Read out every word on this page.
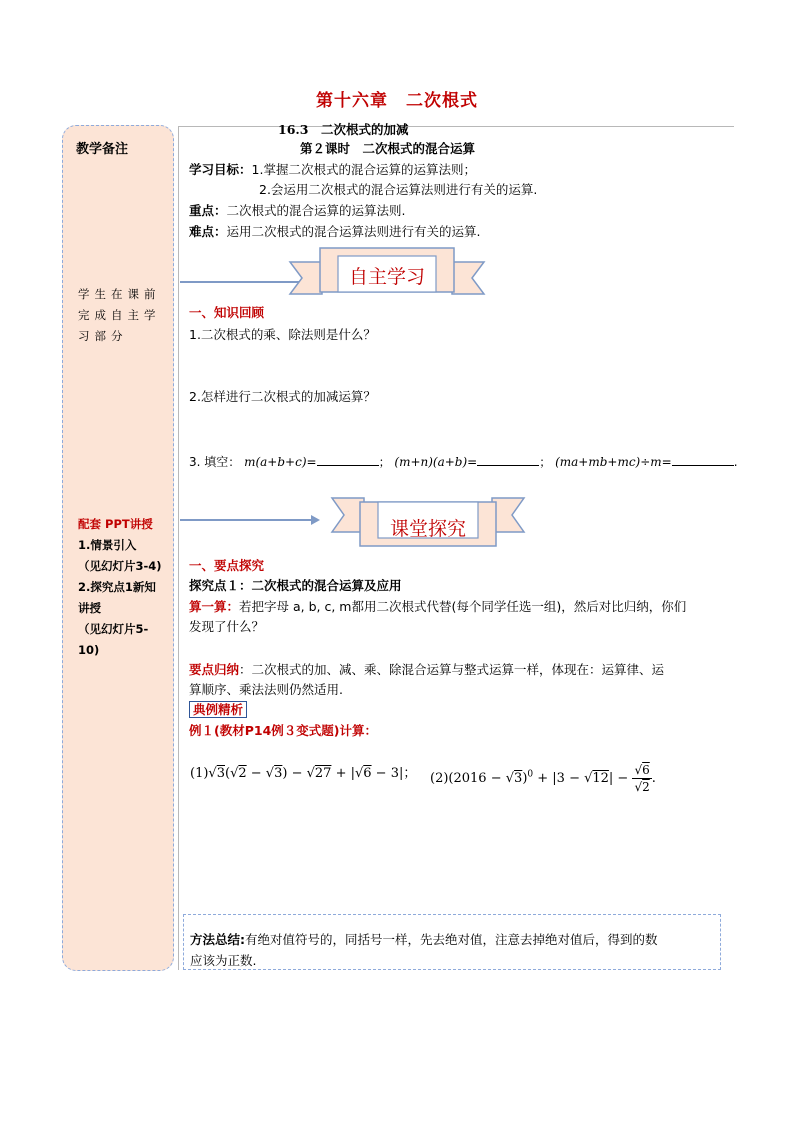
第十六章　二次根式
教学备注
学生在课前完成自主学习部分
配套 PPT讲授
1.情景引入
（见幻灯片3-4)
2.探究点1新知讲授
（见幻灯片5-10)
16.3　二次根式的加减
第２课时　二次根式的混合运算
学习目标：1.掌握二次根式的混合运算的运算法则；
2.会运用二次根式的混合运算法则进行有关的运算.
重点：二次根式的混合运算的运算法则.
难点：运用二次根式的混合运算法则进行有关的运算.
自主学习
一、知识回顾
1.二次根式的乘、除法则是什么？
2.怎样进行二次根式的加减运算？
3. 填空： m(a+b+c)=	； (m+n)(a+b)=	； (ma+mb+mc)÷m=	.
课堂探究
一、要点探究
探究点１：二次根式的混合运算及应用
算一算：若把字母 a, b, c, m都用二次根式代替(每个同学任选一组)，然后对比归纳，你们
发现了什么？
要点归纳：二次根式的加、减、乘、除混合运算与整式运算一样，体现在：运算律、运
算顺序、乘法法则仍然适用.
典例精析
例１(教材P14例３变式题)计算：
(1)√3(√2 − √3) − √27 + |√6 − 3|； $(2)(2016 - √3)^0 + |3 - √12| - \frac{√6}{√2}$ .
方法总结:有绝对值符号的，同括号一样，先去绝对值，注意去掉绝对值后，得到的数
应该为正数.
